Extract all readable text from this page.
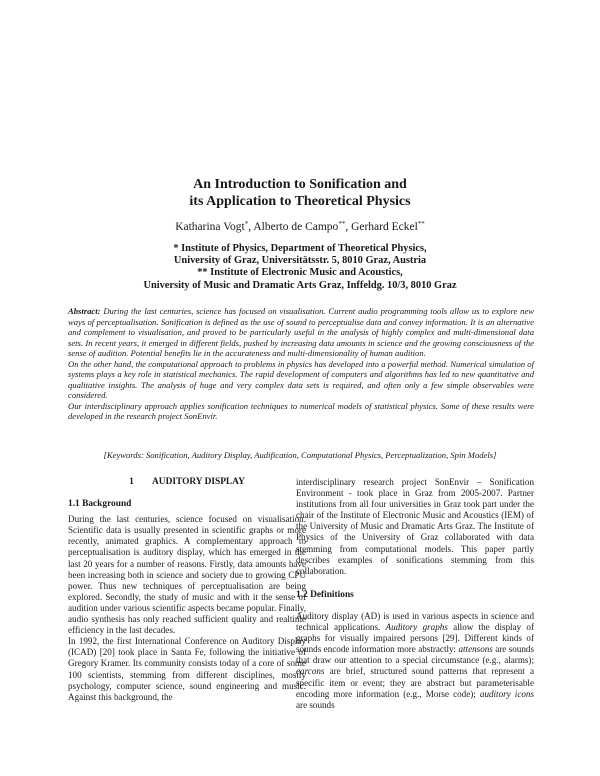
An Introduction to Sonification and
its Application to Theoretical Physics
Katharina Vogt*, Alberto de Campo**, Gerhard Eckel**
* Institute of Physics, Department of Theoretical Physics,
University of Graz, Universitätsstr. 5, 8010 Graz, Austria
** Institute of Electronic Music and Acoustics,
University of Music and Dramatic Arts Graz, Inffeldg. 10/3, 8010 Graz

Abstract: During the last centuries, science has focused on visualisation. Current audio programming tools allow us to explore new ways of perceptualisation. Sonification is defined as the use of sound to perceptualise data and convey information. It is an alternative and complement to visualisation, and proved to be particularly useful in the analysis of highly complex and multi-dimensional data sets. In recent years, it emerged in different fields, pushed by increasing data amounts in science and the growing consciousness of the sense of audition. Potential benefits lie in the accurateness and multi-dimensionality of human audition.

On the other hand, the computational approach to problems in physics has developed into a powerful method. Numerical simulation of systems plays a key role in statistical mechanics. The rapid development of computers and algorithms has led to new quantitative and qualitative insights. The analysis of huge and very complex data sets is required, and often only a few simple observables were considered.

Our interdisciplinary approach applies sonification techniques to numerical models of statistical physics. Some of these results were developed in the research project SonEnvir.

[Keywords: Sonification, Auditory Display, Audification, Computational Physics, Perceptualization, Spin Models]
1        AUDITORY DISPLAY
1.1 Background

During the last centuries, science focused on visualisation. Scientific data is usually presented in scientific graphs or more recently, animated graphics. A complementary approach to perceptualisation is auditory display, which has emerged in the last 20 years for a number of reasons. Firstly, data amounts have been increasing both in science and society due to growing CPU power. Thus new techniques of perceptualisation are being explored. Secondly, the study of music and with it the sense of audition under various scientific aspects became popular. Finally, audio synthesis has only reached sufficient quality and realtime efficiency in the last decades.

In 1992, the first International Conference on Auditory Display (ICAD) [20] took place in Santa Fe, following the initiative of Gregory Kramer. Its community consists today of a core of some 100 scientists, stemming from different disciplines, mostly psychology, computer science, sound engineering and music. Against this background, the

interdisciplinary research project SonEnvir – Sonification Environment - took place in Graz from 2005-2007. Partner institutions from all four universities in Graz took part under the chair of the Institute of Electronic Music and Acoustics (IEM) of the University of Music and Dramatic Arts Graz. The Institute of Physics of the University of Graz collaborated with data stemming from computational models. This paper partly describes examples of sonifications stemming from this collaboration.

1.2 Definitions

Auditory display (AD) is used in various aspects in science and technical applications. Auditory graphs allow the display of graphs for visually impaired persons [29]. Different kinds of sounds encode information more abstractly: attensons are sounds that draw our attention to a special circumstance (e.g., alarms); earcons are brief, structured sound patterns that represent a specific item or event; they are abstract but parameterisable encoding more information (e.g., Morse code); auditory icons are sounds
